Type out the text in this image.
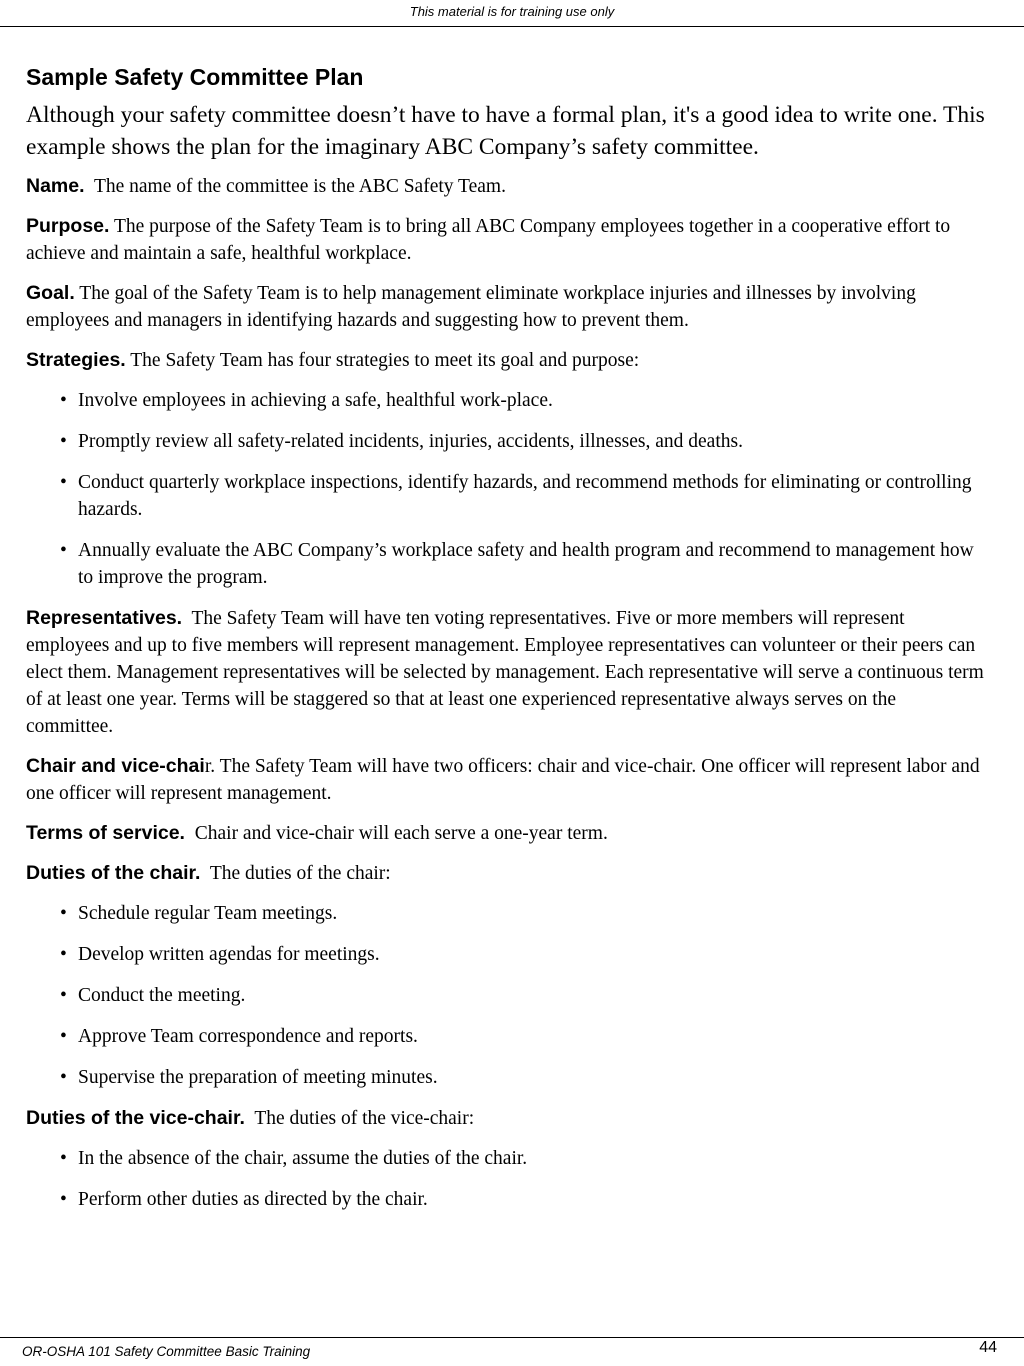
This material is for training use only
Sample Safety Committee Plan

Although your safety committee doesn’t have to have a formal plan, it's a good idea to write one. This example shows the plan for the imaginary ABC Company’s safety committee.

Name. The name of the committee is the ABC Safety Team.

Purpose. The purpose of the Safety Team is to bring all ABC Company employees together in a cooperative effort to achieve and maintain a safe, healthful workplace.

Goal. The goal of the Safety Team is to help management eliminate workplace injuries and illnesses by involving employees and managers in identifying hazards and suggesting how to prevent them.

Strategies. The Safety Team has four strategies to meet its goal and purpose:

• Involve employees in achieving a safe, healthful work-place.
• Promptly review all safety-related incidents, injuries, accidents, illnesses, and deaths.
• Conduct quarterly workplace inspections, identify hazards, and recommend methods for eliminating or controlling hazards.
• Annually evaluate the ABC Company’s workplace safety and health program and recommend to management how to improve the program.

Representatives. The Safety Team will have ten voting representatives. Five or more members will represent employees and up to five members will represent management. Employee representatives can volunteer or their peers can elect them. Management representatives will be selected by management. Each representative will serve a continuous term of at least one year. Terms will be staggered so that at least one experienced representative always serves on the committee.

Chair and vice-chair. The Safety Team will have two officers: chair and vice-chair. One officer will represent labor and one officer will represent management.

Terms of service. Chair and vice-chair will each serve a one-year term.

Duties of the chair. The duties of the chair:

• Schedule regular Team meetings.
• Develop written agendas for meetings.
• Conduct the meeting.
• Approve Team correspondence and reports.
• Supervise the preparation of meeting minutes.

Duties of the vice-chair. The duties of the vice-chair:

• In the absence of the chair, assume the duties of the chair.
• Perform other duties as directed by the chair.
OR-OSHA 101 Safety Committee Basic Training	44
